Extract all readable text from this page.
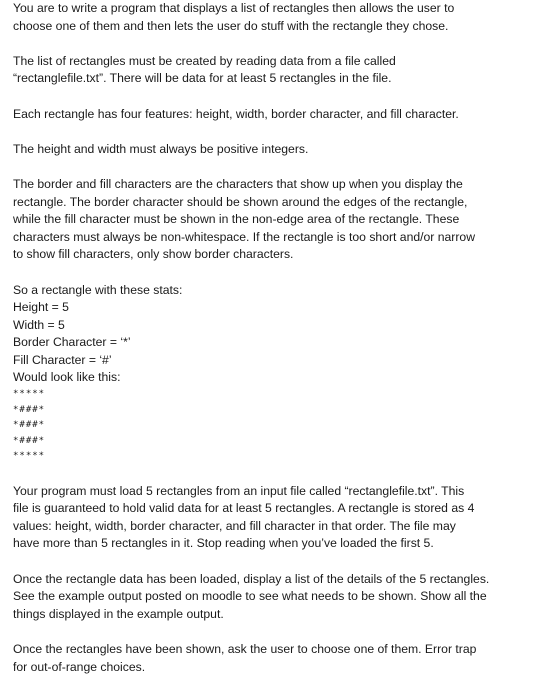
You are to write a program that displays a list of rectangles then allows the user to
choose one of them and then lets the user do stuff with the rectangle they chose.

The list of rectangles must be created by reading data from a file called
“rectanglefile.txt”. There will be data for at least 5 rectangles in the file.

Each rectangle has four features: height, width, border character, and fill character.

The height and width must always be positive integers.

The border and fill characters are the characters that show up when you display the
rectangle. The border character should be shown around the edges of the rectangle,
while the fill character must be shown in the non-edge area of the rectangle. These
characters must always be non-whitespace. If the rectangle is too short and/or narrow
to show fill characters, only show border characters.

So a rectangle with these stats:
Height = 5
Width = 5
Border Character = ‘*’
Fill Character = ‘#’
Would look like this:

*****
*###*
*###*
*###*
*****

Your program must load 5 rectangles from an input file called “rectanglefile.txt”. This
file is guaranteed to hold valid data for at least 5 rectangles. A rectangle is stored as 4
values: height, width, border character, and fill character in that order. The file may
have more than 5 rectangles in it. Stop reading when you’ve loaded the first 5.

Once the rectangle data has been loaded, display a list of the details of the 5 rectangles.
See the example output posted on moodle to see what needs to be shown. Show all the
things displayed in the example output.

Once the rectangles have been shown, ask the user to choose one of them. Error trap
for out-of-range choices.
